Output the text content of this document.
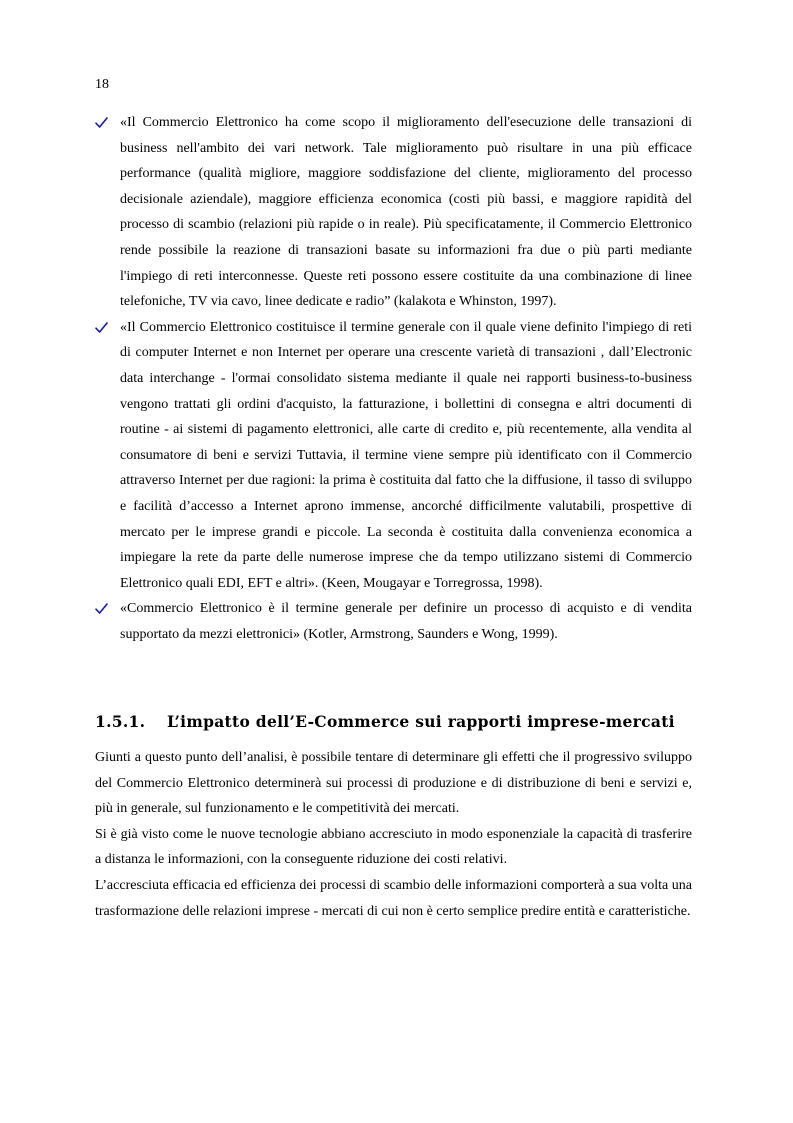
18
«Il Commercio Elettronico ha come scopo il miglioramento dell'esecuzione delle transazioni di business nell'ambito dei vari network. Tale miglioramento può risultare in una più efficace performance (qualità migliore, maggiore soddisfazione del cliente, miglioramento del processo decisionale aziendale), maggiore efficienza economica (costi più bassi, e maggiore rapidità del processo di scambio (relazioni più rapide o in reale). Più specificatamente, il Commercio Elettronico rende possibile la reazione di transazioni basate su informazioni fra due o più parti mediante l'impiego di reti interconnesse. Queste reti possono essere costituite da una combinazione di linee telefoniche, TV via cavo, linee dedicate e radio” (kalakota e Whinston, 1997).
«Il Commercio Elettronico costituisce il termine generale con il quale viene definito l'impiego di reti di computer Internet e non Internet per operare una crescente varietà di transazioni , dall’Electronic data interchange - l'ormai consolidato sistema mediante il quale nei rapporti business-to-business vengono trattati gli ordini d'acquisto, la fatturazione, i bollettini di consegna e altri documenti di routine - ai sistemi di pagamento elettronici, alle carte di credito e, più recentemente, alla vendita al consumatore di beni e servizi Tuttavia, il termine viene sempre più identificato con il Commercio attraverso Internet per due ragioni: la prima è costituita dal fatto che la diffusione, il tasso di sviluppo e facilità d’accesso a Internet aprono immense, ancorché difficilmente valutabili, prospettive di mercato per le imprese grandi e piccole. La seconda è costituita dalla convenienza economica a impiegare la rete da parte delle numerose imprese che da tempo utilizzano sistemi di Commercio Elettronico quali EDI, EFT e altri». (Keen, Mougayar e Torregrossa, 1998).
«Commercio Elettronico è il termine generale per definire un processo di acquisto e di vendita supportato da mezzi elettronici» (Kotler, Armstrong, Saunders e Wong, 1999).
1.5.1. L’impatto dell’E-Commerce sui rapporti imprese-mercati

Giunti a questo punto dell’analisi, è possibile tentare di determinare gli effetti che il progressivo sviluppo del Commercio Elettronico determinerà sui processi di produzione e di distribuzione di beni e servizi e, più in generale, sul funzionamento e le competitività dei mercati.

Si è già visto come le nuove tecnologie abbiano accresciuto in modo esponenziale la capacità di trasferire a distanza le informazioni, con la conseguente riduzione dei costi relativi.

L’accresciuta efficacia ed efficienza dei processi di scambio delle informazioni comporterà a sua volta una trasformazione delle relazioni imprese - mercati di cui non è certo semplice predire entità e caratteristiche.
